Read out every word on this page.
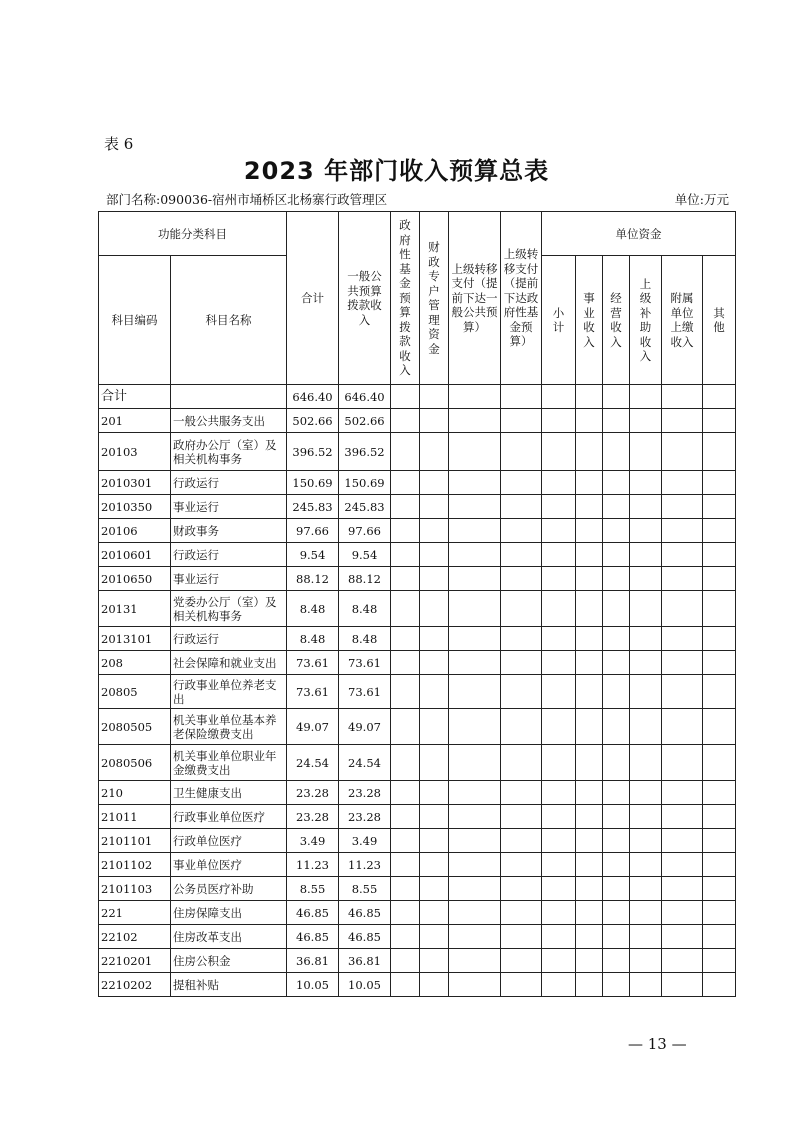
表 6
2023 年部门收入预算总表
部门名称:090036-宿州市埇桥区北杨寨行政管理区	单位:万元
功能分类科目		合计	一般公共预算拨款收入	政府性基金预算拨款收入	财政专户管理资金	上级转移支付（提前下达一般公共预算）	上级转移支付（提前下达政府性基金预算）	单位资金					
科目编码	科目名称							小计	事业收入	经营收入	上级补助收入	附属单位上缴收入	其他
合计		646.40	646.40										
201	一般公共服务支出	502.66	502.66										
20103	政府办公厅（室）及相关机构事务	396.52	396.52										
2010301	行政运行	150.69	150.69										
2010350	事业运行	245.83	245.83										
20106	财政事务	97.66	97.66										
2010601	行政运行	9.54	9.54										
2010650	事业运行	88.12	88.12										
20131	党委办公厅（室）及相关机构事务	8.48	8.48										
2013101	行政运行	8.48	8.48										
208	社会保障和就业支出	73.61	73.61										
20805	行政事业单位养老支出	73.61	73.61										
2080505	机关事业单位基本养老保险缴费支出	49.07	49.07										
2080506	机关事业单位职业年金缴费支出	24.54	24.54										
210	卫生健康支出	23.28	23.28										
21011	行政事业单位医疗	23.28	23.28										
2101101	行政单位医疗	3.49	3.49										
2101102	事业单位医疗	11.23	11.23										
2101103	公务员医疗补助	8.55	8.55										
221	住房保障支出	46.85	46.85										
22102	住房改革支出	46.85	46.85										
2210201	住房公积金	36.81	36.81										
2210202	提租补贴	10.05	10.05										
— 13 —
